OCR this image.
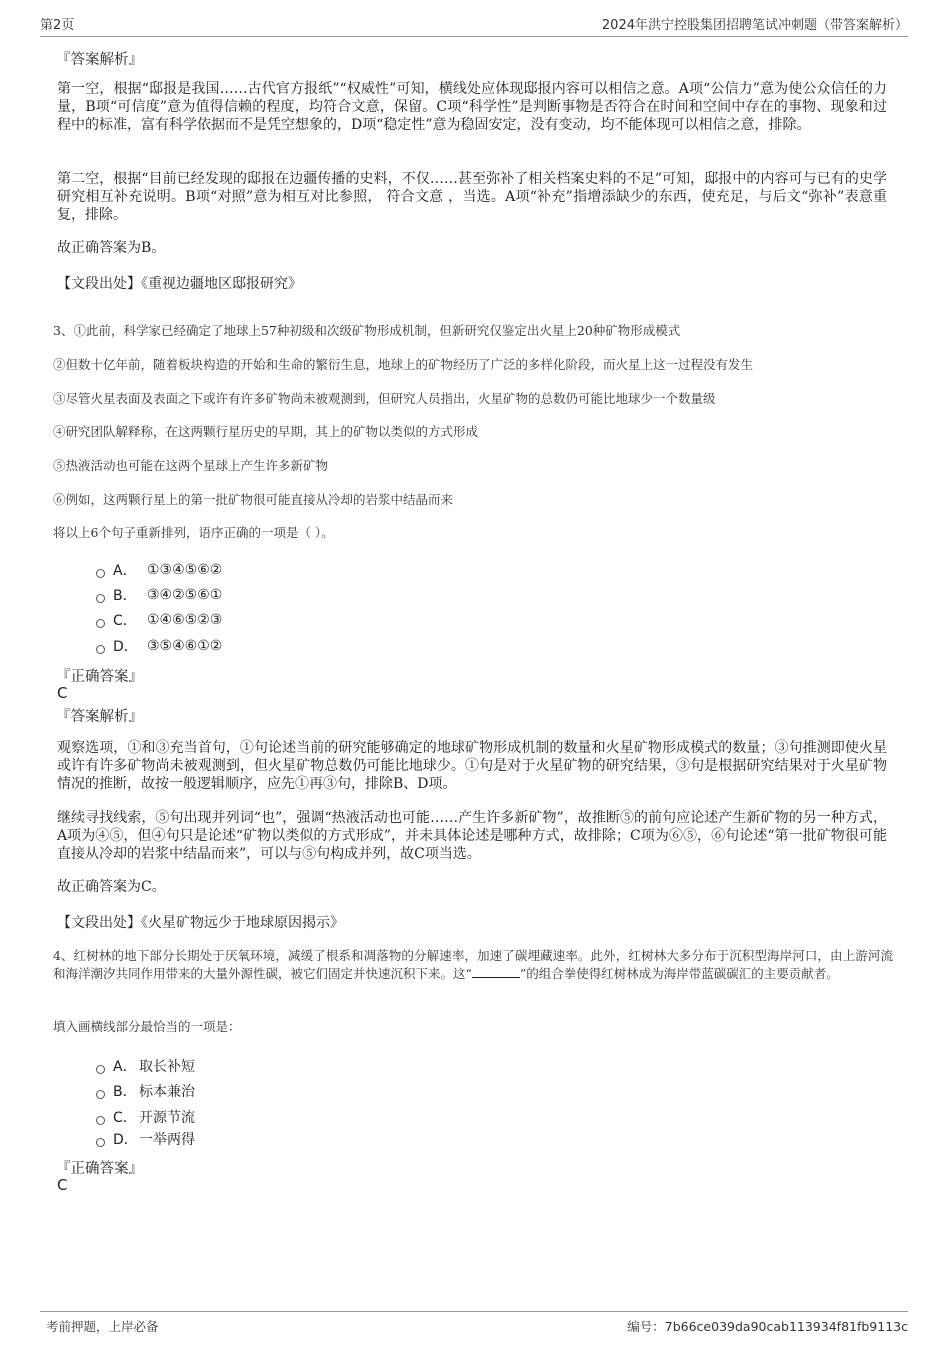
第2页	2024年洪宁控股集团招聘笔试冲刺题（带答案解析）
『答案解析』
第一空，根据“邸报是我国……古代官方报纸”“权威性”可知，横线处应体现邸报内容可以相信之意。A项“公信力”意为使公众信任的力量，B项“可信度”意为值得信赖的程度，均符合文意，保留。C项“科学性”是判断事物是否符合在时间和空间中存在的事物、现象和过程中的标准，富有科学依据而不是凭空想象的，D项“稳定性”意为稳固安定，没有变动，均不能体现可以相信之意，排除。
第二空，根据“目前已经发现的邸报在边疆传播的史料，不仅……甚至弥补了相关档案史料的不足”可知，邸报中的内容可与已有的史学研究相互补充说明。B项“对照”意为相互对比参照， 符合文意 ，当选。A项“补充”指增添缺少的东西，使充足，与后文“弥补”表意重复，排除。
故正确答案为B。
【文段出处】《重视边疆地区邸报研究》
3、①此前，科学家已经确定了地球上57种初级和次级矿物形成机制，但新研究仅鉴定出火星上20种矿物形成模式
②但数十亿年前，随着板块构造的开始和生命的繁衍生息，地球上的矿物经历了广泛的多样化阶段，而火星上这一过程没有发生
③尽管火星表面及表面之下或许有许多矿物尚未被观测到，但研究人员指出，火星矿物的总数仍可能比地球少一个数量级
④研究团队解释称，在这两颗行星历史的早期，其上的矿物以类似的方式形成
⑤热液活动也可能在这两个星球上产生许多新矿物
⑥例如，这两颗行星上的第一批矿物很可能直接从冷却的岩浆中结晶而来
将以上6个句子重新排列，语序正确的一项是（ ）。
A． ①③④⑤⑥②
B． ③④②⑤⑥①
C． ①④⑥⑤②③
D． ③⑤④⑥①②
『正确答案』
C
『答案解析』
观察选项，①和③充当首句，①句论述当前的研究能够确定的地球矿物形成机制的数量和火星矿物形成模式的数量；③句推测即使火星或许有许多矿物尚未被观测到，但火星矿物总数仍可能比地球少。①句是对于火星矿物的研究结果，③句是根据研究结果对于火星矿物情况的推断，故按一般逻辑顺序，应先①再③句，排除B、D项。
继续寻找线索，⑤句出现并列词“也”，强调“热液活动也可能……产生许多新矿物”，故推断⑤的前句应论述产生新矿物的另一种方式，A项为④⑤，但④句只是论述“矿物以类似的方式形成”，并未具体论述是哪种方式，故排除；C项为⑥⑤，⑥句论述“第一批矿物很可能直接从冷却的岩浆中结晶而来”，可以与⑤句构成并列，故C项当选。
故正确答案为C。
【文段出处】《火星矿物远少于地球原因揭示》
4、红树林的地下部分长期处于厌氧环境，减缓了根系和凋落物的分解速率，加速了碳埋藏速率。此外，红树林大多分布于沉积型海岸河口，由上游河流和海洋潮汐共同作用带来的大量外源性碳，被它们固定并快速沉积下来。这“	”的组合拳使得红树林成为海岸带蓝碳碳汇的主要贡献者。
填入画横线部分最恰当的一项是：
A． 取长补短
B． 标本兼治
C． 开源节流
D． 一举两得
『正确答案』
C
考前押题，上岸必备	编号：7b66ce039da90cab113934f81fb9113c
